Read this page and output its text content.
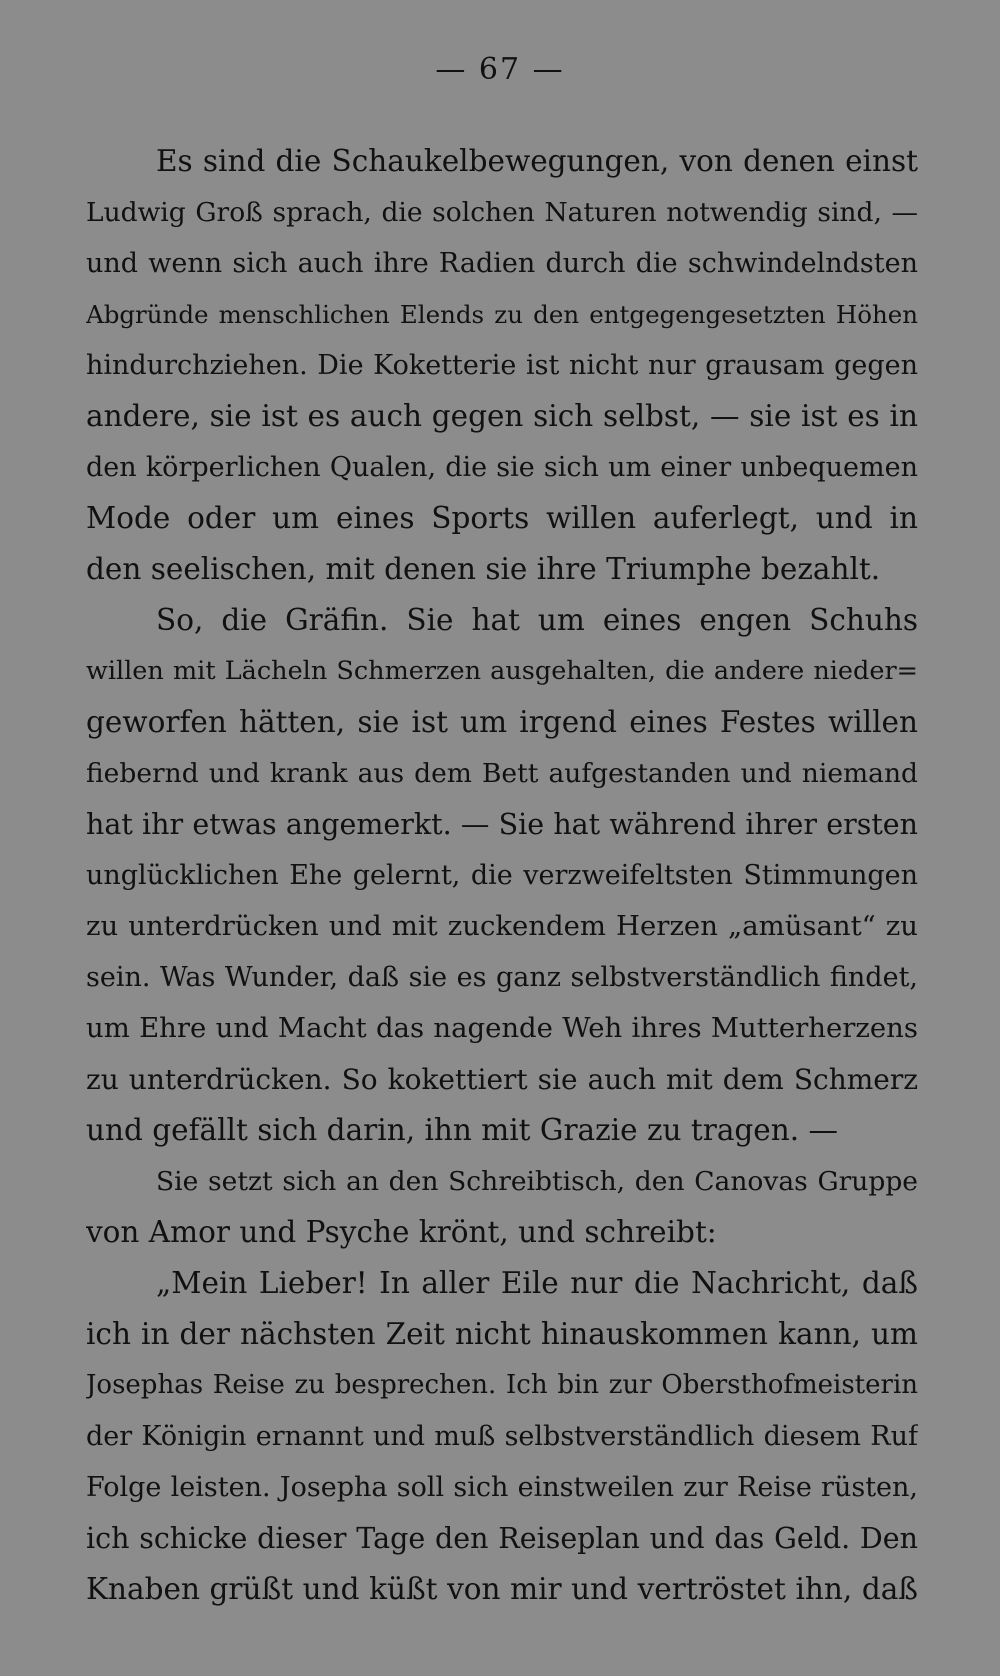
— 67 —
Es sind die Schaukelbewegungen, von denen einst
Ludwig Groß sprach, die solchen Naturen notwendig sind, —
und wenn sich auch ihre Radien durch die schwindelndsten
Abgründe menschlichen Elends zu den entgegengesetzten Höhen
hindurchziehen. Die Koketterie ist nicht nur grausam gegen
andere, sie ist es auch gegen sich selbst, — sie ist es in
den körperlichen Qualen, die sie sich um einer unbequemen
Mode oder um eines Sports willen auferlegt, und in
den seelischen, mit denen sie ihre Triumphe bezahlt.
So, die Gräfin. Sie hat um eines engen Schuhs
willen mit Lächeln Schmerzen ausgehalten, die andere nieder=
geworfen hätten, sie ist um irgend eines Festes willen
fiebernd und krank aus dem Bett aufgestanden und niemand
hat ihr etwas angemerkt. — Sie hat während ihrer ersten
unglücklichen Ehe gelernt, die verzweifeltsten Stimmungen
zu unterdrücken und mit zuckendem Herzen „amüsant“ zu
sein. Was Wunder, daß sie es ganz selbstverständlich findet,
um Ehre und Macht das nagende Weh ihres Mutterherzens
zu unterdrücken. So kokettiert sie auch mit dem Schmerz
und gefällt sich darin, ihn mit Grazie zu tragen. —
Sie setzt sich an den Schreibtisch, den Canovas Gruppe
von Amor und Psyche krönt, und schreibt:
„Mein Lieber! In aller Eile nur die Nachricht, daß
ich in der nächsten Zeit nicht hinauskommen kann, um
Josephas Reise zu besprechen. Ich bin zur Obersthofmeisterin
der Königin ernannt und muß selbstverständlich diesem Ruf
Folge leisten. Josepha soll sich einstweilen zur Reise rüsten,
ich schicke dieser Tage den Reiseplan und das Geld. Den
Knaben grüßt und küßt von mir und vertröstet ihn, daß
